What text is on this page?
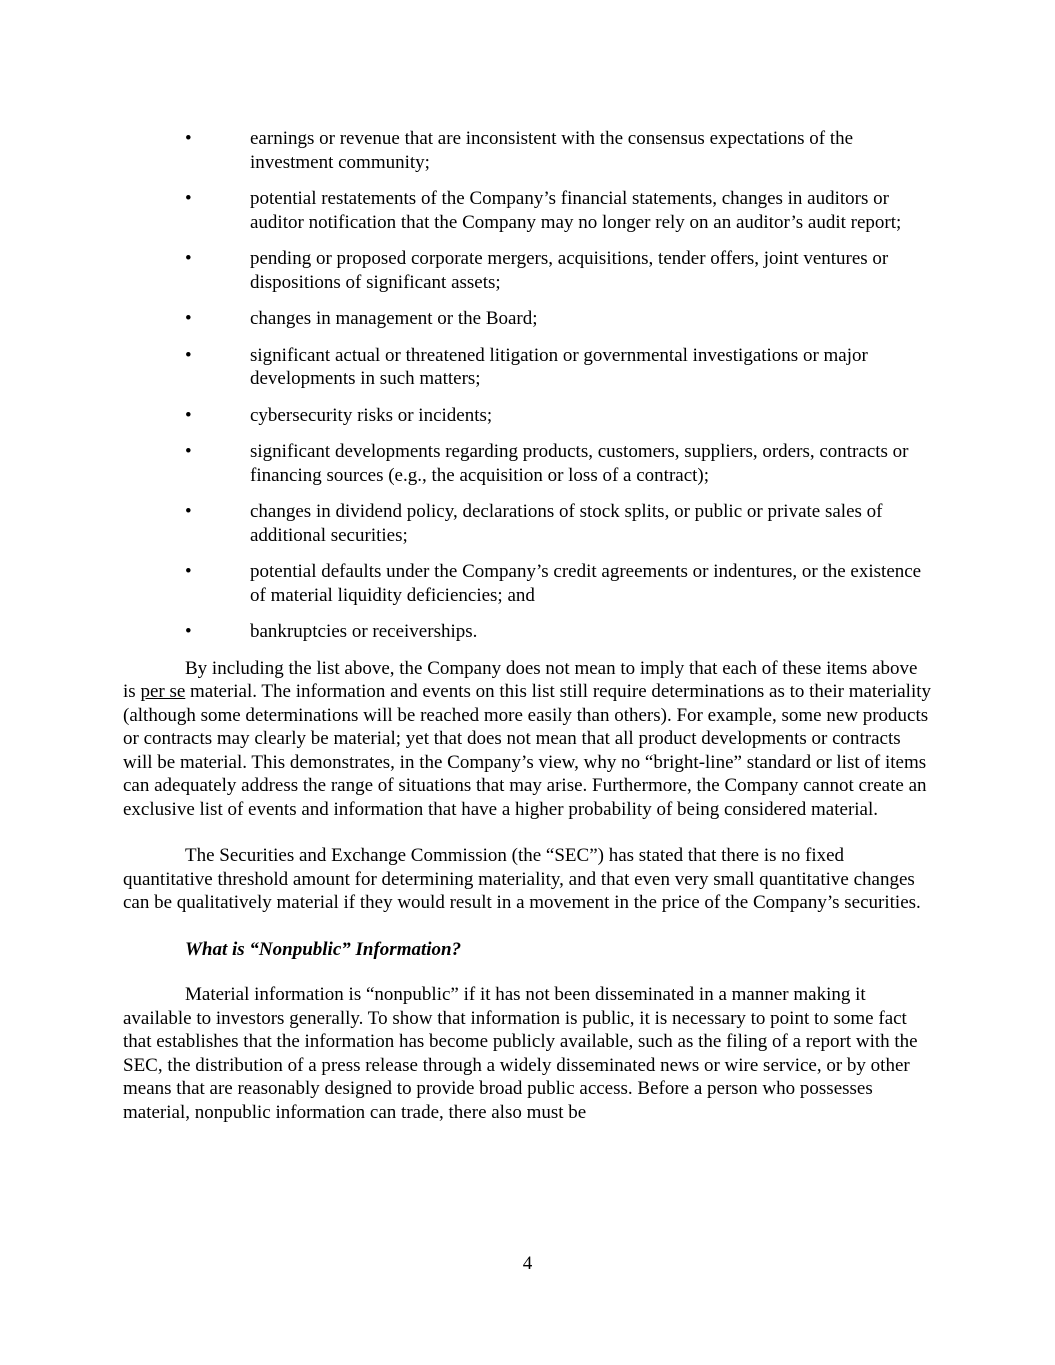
•	earnings or revenue that are inconsistent with the consensus expectations of the investment community;
•	potential restatements of the Company’s financial statements, changes in auditors or auditor notification that the Company may no longer rely on an auditor’s audit report;
•	pending or proposed corporate mergers, acquisitions, tender offers, joint ventures or dispositions of significant assets;
•	changes in management or the Board;
•	significant actual or threatened litigation or governmental investigations or major developments in such matters;
•	cybersecurity risks or incidents;
•	significant developments regarding products, customers, suppliers, orders, contracts or financing sources (e.g., the acquisition or loss of a contract);
•	changes in dividend policy, declarations of stock splits, or public or private sales of additional securities;
•	potential defaults under the Company’s credit agreements or indentures, or the existence of material liquidity deficiencies; and
•	bankruptcies or receiverships.

By including the list above, the Company does not mean to imply that each of these items above is per se material. The information and events on this list still require determinations as to their materiality (although some determinations will be reached more easily than others). For example, some new products or contracts may clearly be material; yet that does not mean that all product developments or contracts will be material. This demonstrates, in the Company’s view, why no “bright-line” standard or list of items can adequately address the range of situations that may arise. Furthermore, the Company cannot create an exclusive list of events and information that have a higher probability of being considered material.

The Securities and Exchange Commission (the “SEC”) has stated that there is no fixed quantitative threshold amount for determining materiality, and that even very small quantitative changes can be qualitatively material if they would result in a movement in the price of the Company’s securities.

What is “Nonpublic” Information?

Material information is “nonpublic” if it has not been disseminated in a manner making it available to investors generally. To show that information is public, it is necessary to point to some fact that establishes that the information has become publicly available, such as the filing of a report with the SEC, the distribution of a press release through a widely disseminated news or wire service, or by other means that are reasonably designed to provide broad public access. Before a person who possesses material, nonpublic information can trade, there also must be

4
